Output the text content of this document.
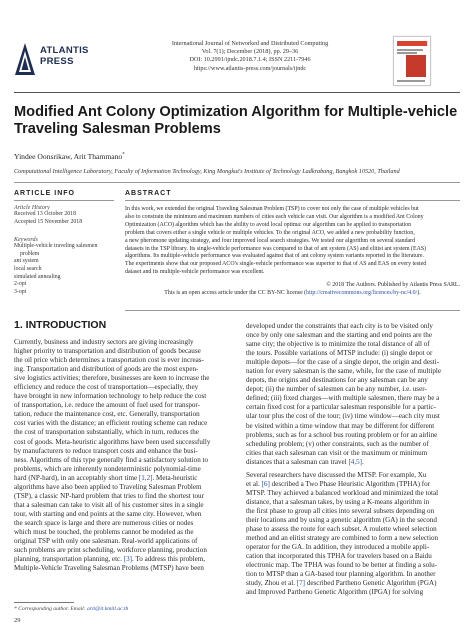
ATLANTIS
PRESS
International Journal of Networked and Distributed Computing
Vol. 7(1); December (2018), pp. 29–36
DOI: 10.2991/ijndc.2018.7.1.4; ISSN 2211-7946
https://www.atlantis-press.com/journals/ijndc
Modified Ant Colony Optimization Algorithm for Multiple-vehicle
Traveling Salesman Problems
Yindee Oonsrikaw, Arit Thammano*
Computational Intelligence Laboratory, Faculty of Information Technology, King Mongkut's Institute of Technology Ladkrabang, Bangkok 10520, Thailand
ARTICLE INFO
Article History
Received 13 October 2018
Accepted 15 November 2018
Keywords
Multiple-vehicle traveling salesmen
problem
ant system
local search
simulated annealing
2-opt
3-opt
ABSTRACT
In this work, we extended the original Traveling Salesman Problem (TSP) to cover not only the case of multiple vehicles but
also to constrain the minimum and maximum numbers of cities each vehicle can visit. Our algorithm is a modified Ant Colony
Optimization (ACO) algorithm which has the ability to avoid local optima: our algorithm can be applied to transportation
problem that covers either a single vehicle or multiple vehicles. To the original ACO, we added a new probability function,
a new pheromone updating strategy, and four improved local search strategies. We tested our algorithm on several standard
datasets in the TSP library. Its single-vehicle performance was compared to that of ant system (AS) and elitist ant system (EAS)
algorithms. Its multiple-vehicle performance was evaluated against that of ant colony system variants reported in the literature.
The experiments show that our proposed ACO's single-vehicle performance was superior to that of AS and EAS on every tested
dataset and its multiple-vehicle performance was excellent.
© 2018 The Authors. Published by Atlantis Press SARL.
This is an open access article under the CC BY-NC license (http://creativecommons.org/licences/by-nc/4.0/).
1. INTRODUCTION
Currently, business and industry sectors are giving increasingly
higher priority to transportation and distribution of goods because
the oil price which determines a transportation cost is ever increas-
ing. Transportation and distribution of goods are the most expen-
sive logistics activities; therefore, businesses are keen to increase the
efficiency and reduce the cost of transportation—especially, they
have brought in new information technology to help reduce the cost
of transportation, i.e. reduce the amount of fuel used for transpor-
tation, reduce the maintenance cost, etc. Generally, transportation
cost varies with the distance; an efficient routing scheme can reduce
the cost of transportation substantially, which in turn, reduces the
cost of goods. Meta-heuristic algorithms have been used successfully
by manufacturers to reduce transport costs and enhance the busi-
ness. Algorithms of this type generally find a satisfactory solution to
problems, which are inherently nondeterministic polynomial-time
hard (NP-hard), in an acceptably short time [1,2]. Meta-heuristic
algorithms have also been applied to Traveling Salesman Problem
(TSP), a classic NP-hard problem that tries to find the shortest tour
that a salesman can take to visit all of his customer sites in a single
tour, with starting and end points at the same city. However, when
the search space is large and there are numerous cities or nodes
which must be touched, the problems cannot be modeled as the
original TSP with only one salesman. Real-world applications of
such problems are print scheduling, workforce planning, production
planning, transportation planning, etc. [3]. To address this problem,
Multiple-Vehicle Traveling Salesman Problems (MTSP) have been
developed under the constraints that each city is to be visited only
once by only one salesman and the starting and end points are the
same city; the objective is to minimize the total distance of all of
the tours. Possible variations of MTSP include: (i) single depot or
multiple depots—for the case of a single depot, the origin and desti-
nation for every salesman is the same, while, for the case of multiple
depots, the origins and destinations for any salesman can be any
depot; (ii) the number of salesmen can be any number, i.e. user-
defined; (iii) fixed charges—with multiple salesmen, there may be a
certain fixed cost for a particular salesman responsible for a partic-
ular tour plus the cost of the tour; (iv) time window—each city must
be visited within a time window that may be different for different
problems, such as for a school bus routing problem or for an airline
scheduling problem; (v) other constraints, such as the number of
cities that each salesman can visit or the maximum or minimum
distances that a salesman can travel [4,5].
Several researchers have discussed the MTSP. For example, Xu
et al. [6] described a Two Phase Heuristic Algorithm (TPHA) for
MTSP. They achieved a balanced workload and minimized the total
distance, that a salesman takes, by using a K-means algorithm in
the first phase to group all cities into several subsets depending on
their locations and by using a genetic algorithm (GA) in the second
phase to assess the route for each subset. A roulette wheel selection
method and an elitist strategy are combined to form a new selection
operator for the GA. In addition, they introduced a mobile appli-
cation that incorporated this TPHA for travelers based on a Baidu
electronic map. The TPHA was found to be better at finding a solu-
tion to MTSP than a GA-based tour planning algorithm. In another
study, Zhou et al. [7] described Partheno Genetic Algorithm (PGA)
and Improved Partheno Genetic Algorithm (IPGA) for solving
* Corresponding author. Email: arit@it.kmitl.ac.th
29
